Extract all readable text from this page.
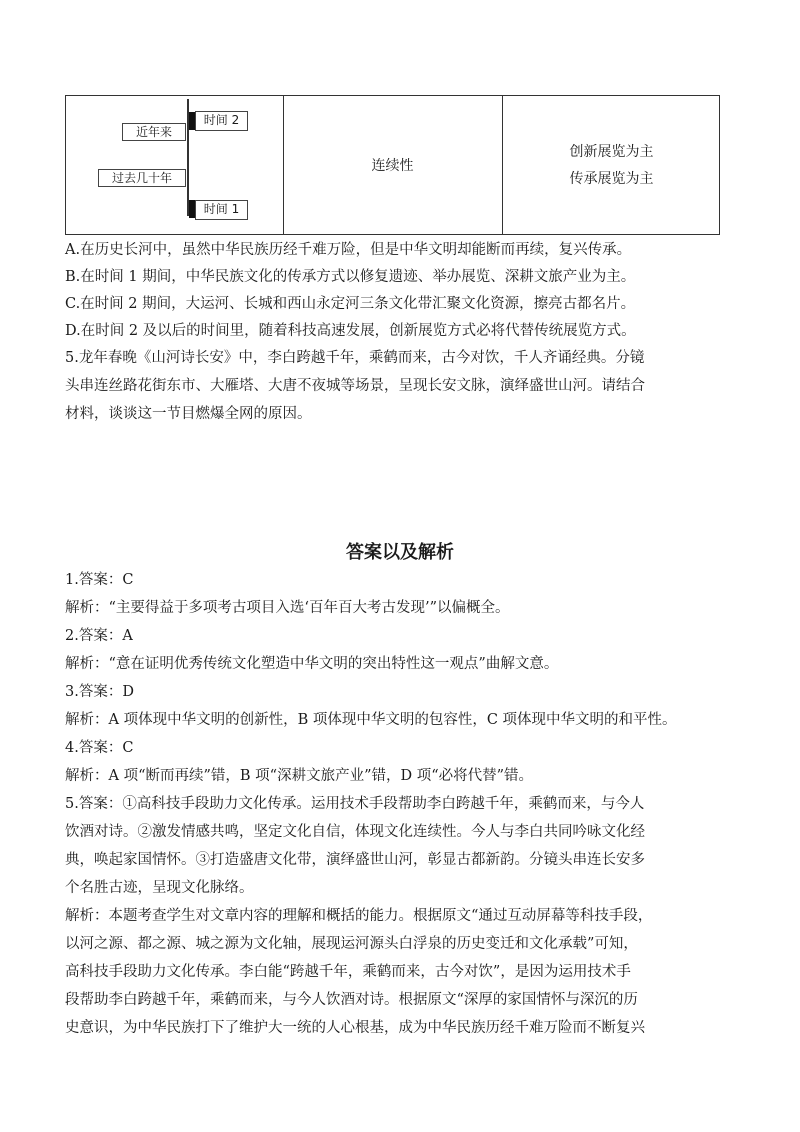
时间 2
时间 1
近年来
过去几十年
连续性
创新展览为主
传承展览为主
A.在历史长河中，虽然中华民族历经千难万险，但是中华文明却能断而再续，复兴传承。
B.在时间 1 期间，中华民族文化的传承方式以修复遗迹、举办展览、深耕文旅产业为主。
C.在时间 2 期间，大运河、长城和西山永定河三条文化带汇聚文化资源，擦亮古都名片。
D.在时间 2 及以后的时间里，随着科技高速发展，创新展览方式必将代替传统展览方式。
5.龙年春晚《山河诗长安》中，李白跨越千年，乘鹤而来，古今对饮，千人齐诵经典。分镜
头串连丝路花街东市、大雁塔、大唐不夜城等场景，呈现长安文脉，演绎盛世山河。请结合
材料，谈谈这一节目燃爆全网的原因。
答案以及解析
1.答案：C
解析：“主要得益于多项考古项目入选‘百年百大考古发现’”以偏概全。
2.答案：A
解析：“意在证明优秀传统文化塑造中华文明的突出特性这一观点”曲解文意。
3.答案：D
解析：A 项体现中华文明的创新性，B 项体现中华文明的包容性，C 项体现中华文明的和平性。
4.答案：C
解析：A 项“断而再续”错，B 项“深耕文旅产业”错，D 项“必将代替”错。
5.答案：①高科技手段助力文化传承。运用技术手段帮助李白跨越千年，乘鹤而来，与今人
饮酒对诗。②激发情感共鸣，坚定文化自信，体现文化连续性。今人与李白共同吟咏文化经
典，唤起家国情怀。③打造盛唐文化带，演绎盛世山河，彰显古都新韵。分镜头串连长安多
个名胜古迹，呈现文化脉络。
解析：本题考查学生对文章内容的理解和概括的能力。根据原文“通过互动屏幕等科技手段，
以河之源、都之源、城之源为文化轴，展现运河源头白浮泉的历史变迁和文化承载”可知，
高科技手段助力文化传承。李白能“跨越千年，乘鹤而来，古今对饮”，是因为运用技术手
段帮助李白跨越千年，乘鹤而来，与今人饮酒对诗。根据原文“深厚的家国情怀与深沉的历
史意识，为中华民族打下了维护大一统的人心根基，成为中华民族历经千难万险而不断复兴
